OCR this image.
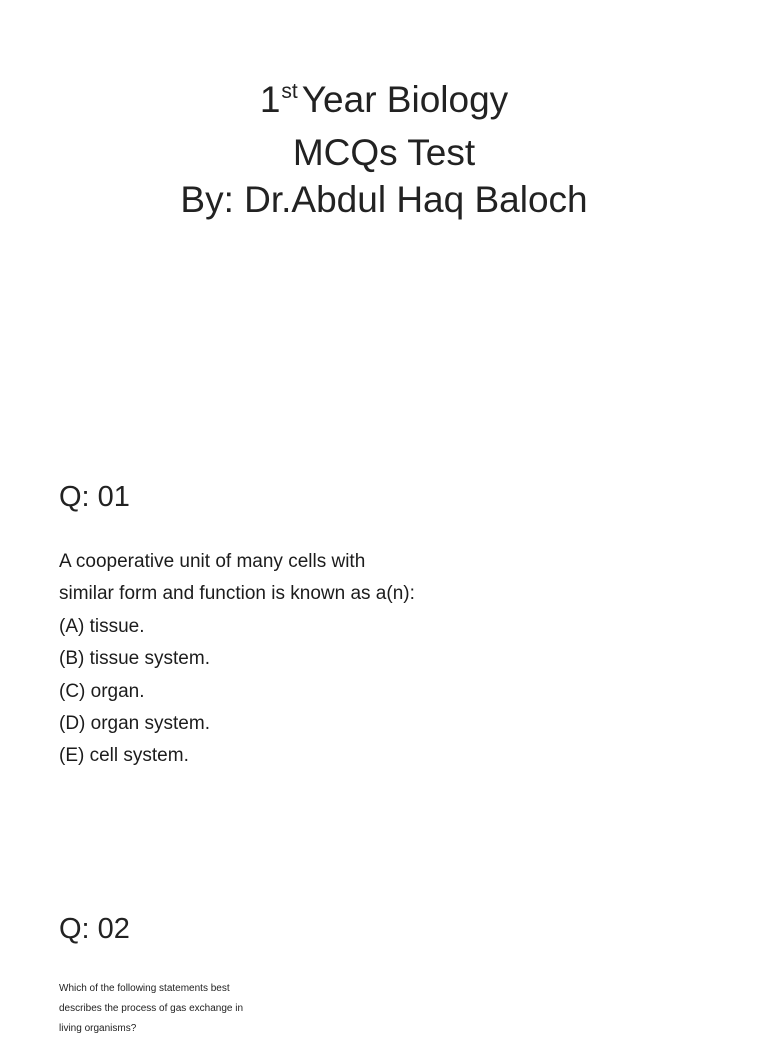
1st Year Biology
MCQs Test
By: Dr.Abdul Haq Baloch
Q: 01
A cooperative unit of many cells with
similar form and function is known as a(n):
(A) tissue.
(B) tissue system.
(C) organ.
(D) organ system.
(E) cell system.
Q: 02
Which of the following statements best
describes the process of gas exchange in
living organisms?
